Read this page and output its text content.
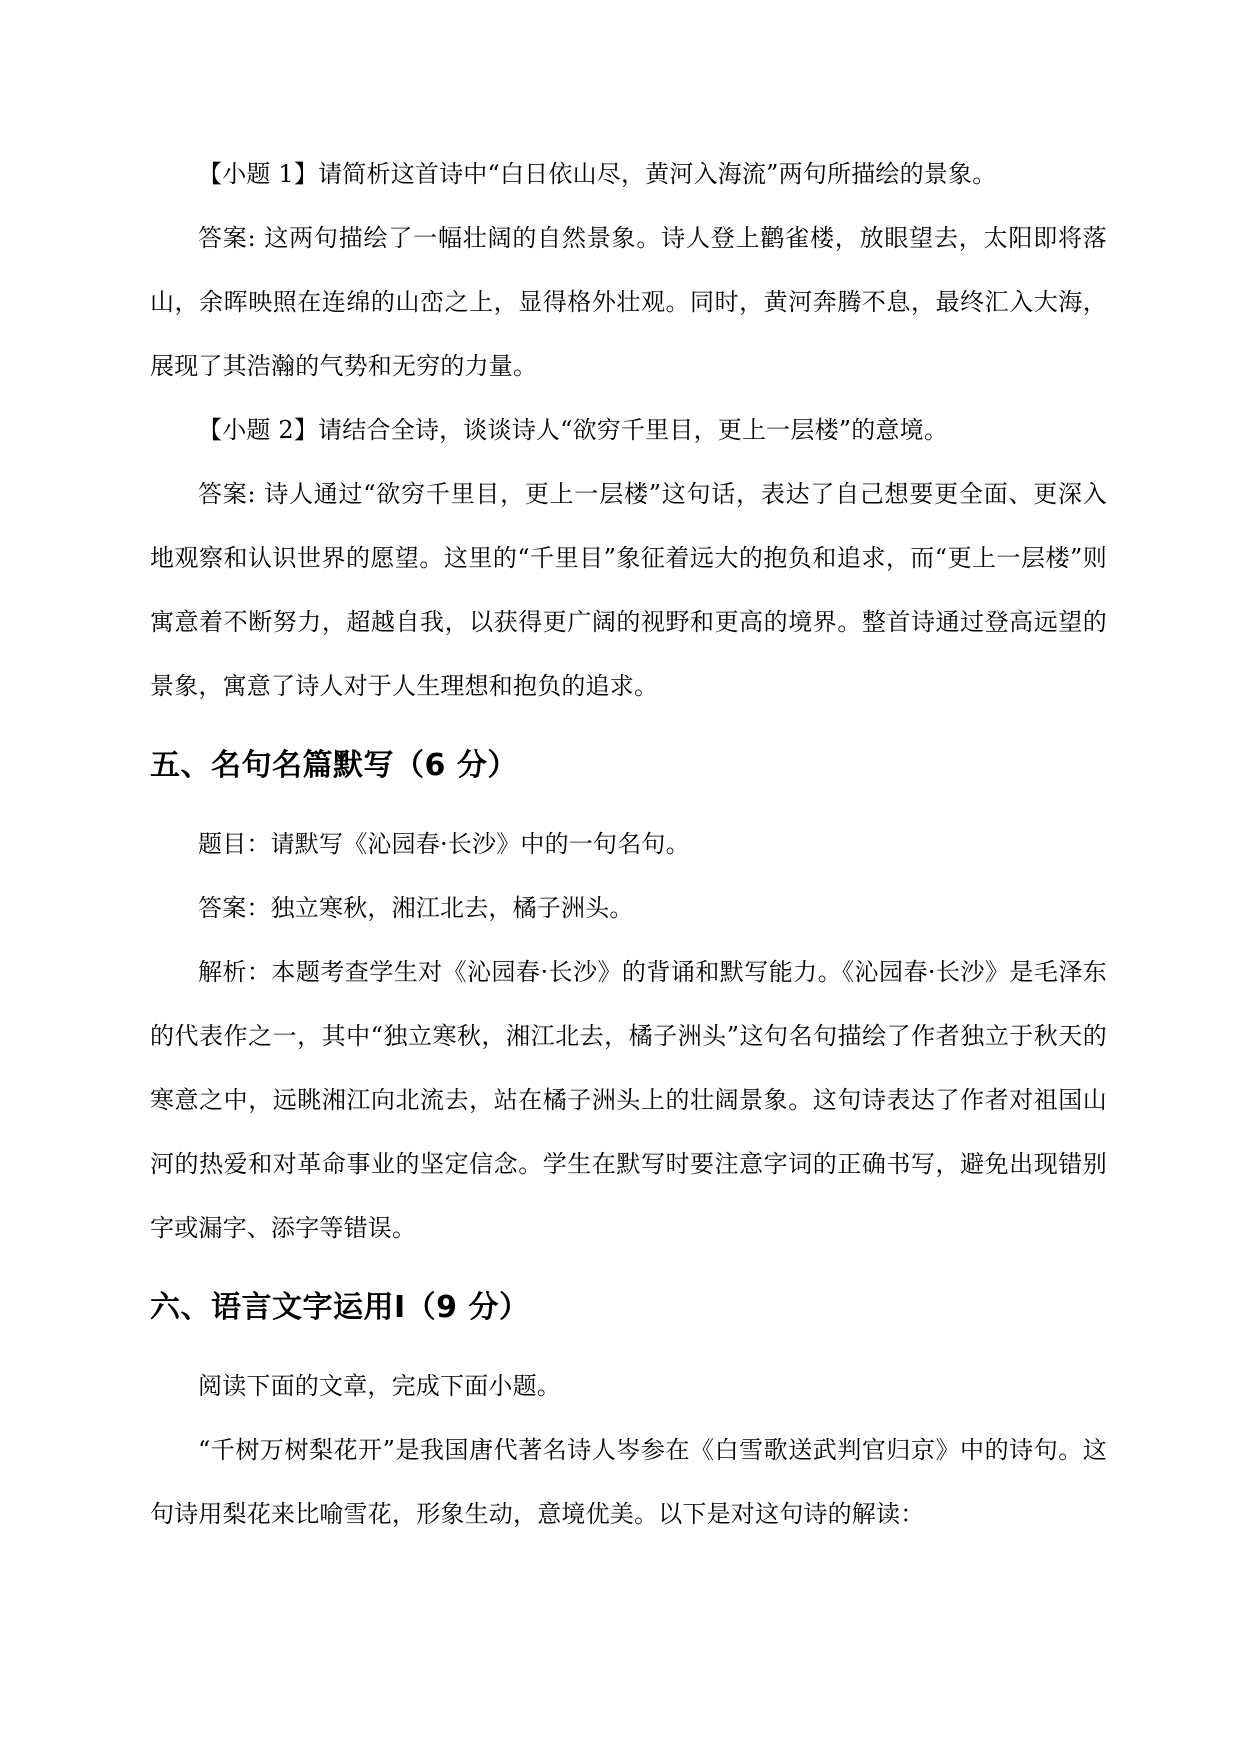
【小题 1】请简析这首诗中“白日依山尽，黄河入海流”两句所描绘的景象。

答案: 这两句描绘了一幅壮阔的自然景象。诗人登上鹳雀楼，放眼望去，太阳即将落山，余晖映照在连绵的山峦之上，显得格外壮观。同时，黄河奔腾不息，最终汇入大海，展现了其浩瀚的气势和无穷的力量。

【小题 2】请结合全诗，谈谈诗人“欲穷千里目，更上一层楼”的意境。

答案: 诗人通过“欲穷千里目，更上一层楼”这句话，表达了自己想要更全面、更深入地观察和认识世界的愿望。这里的“千里目”象征着远大的抱负和追求，而“更上一层楼”则寓意着不断努力，超越自我，以获得更广阔的视野和更高的境界。整首诗通过登高远望的景象，寓意了诗人对于人生理想和抱负的追求。

五、名句名篇默写（6 分）

题目：请默写《沁园春·长沙》中的一句名句。

答案：独立寒秋，湘江北去，橘子洲头。

解析：本题考查学生对《沁园春·长沙》的背诵和默写能力。《沁园春·长沙》是毛泽东的代表作之一，其中“独立寒秋，湘江北去，橘子洲头”这句名句描绘了作者独立于秋天的寒意之中，远眺湘江向北流去，站在橘子洲头上的壮阔景象。这句诗表达了作者对祖国山河的热爱和对革命事业的坚定信念。学生在默写时要注意字词的正确书写，避免出现错别字或漏字、添字等错误。

六、语言文字运用Ⅰ（9 分）

阅读下面的文章，完成下面小题。

“千树万树梨花开”是我国唐代著名诗人岑参在《白雪歌送武判官归京》中的诗句。这句诗用梨花来比喻雪花，形象生动，意境优美。以下是对这句诗的解读：
